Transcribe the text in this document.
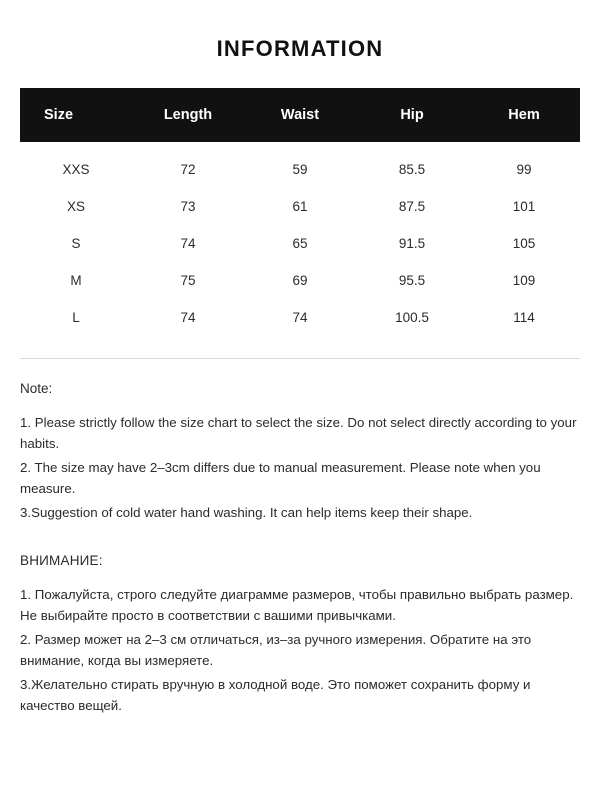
INFORMATION
Size	Length	Waist	Hip	Hem
XXS	72	59	85.5	99
XS	73	61	87.5	101
S	74	65	91.5	105
M	75	69	95.5	109
L	74	74	100.5	114
Note:

1. Please strictly follow the size chart to select the size. Do not select directly according to your habits.

2. The size may have 2–3cm differs due to manual measurement. Please note when you measure.

3.Suggestion of cold water hand washing. It can help items keep their shape.

ВНИМАНИЕ:

1. Пожалуйста, строго следуйте диаграмме размеров, чтобы правильно выбрать размер. Не выбирайте просто в соответствии с вашими привычками.

2. Размер может на 2–3 см отличаться, из–за ручного измерения. Обратите на это внимание, когда вы измеряете.

3.Желательно стирать вручную в холодной воде. Это поможет сохранить форму и качество вещей.
